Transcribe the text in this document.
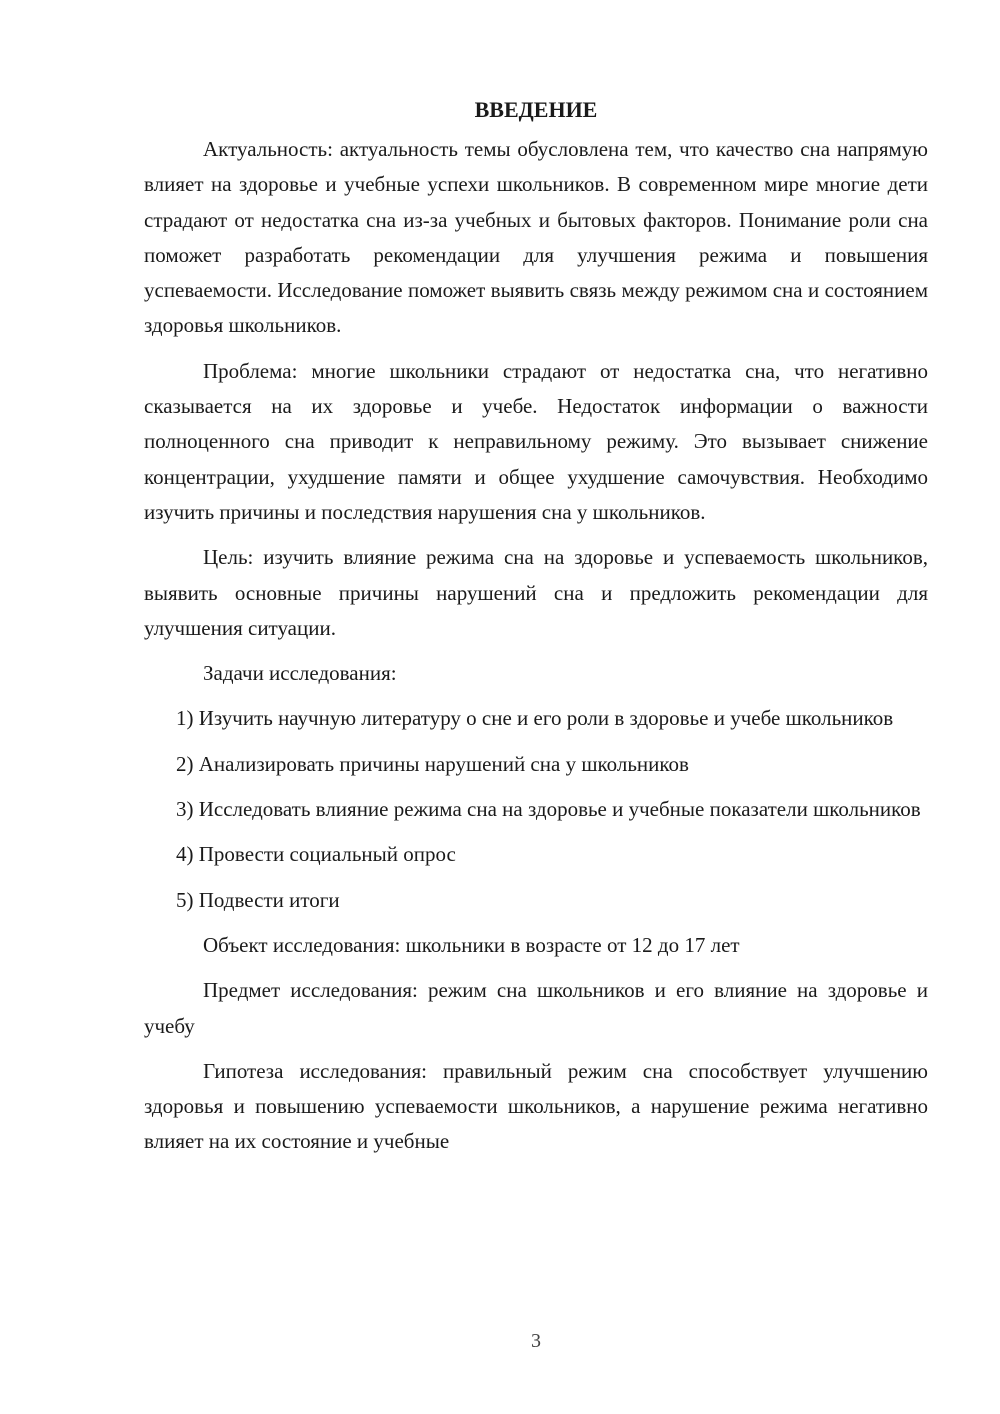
ВВЕДЕНИЕ

Актуальность: актуальность темы обусловлена тем, что качество сна напрямую влияет на здоровье и учебные успехи школьников. В современном мире многие дети страдают от недостатка сна из-за учебных и бытовых факторов. Понимание роли сна поможет разработать рекомендации для улучшения режима и повышения успеваемости. Исследование поможет выявить связь между режимом сна и состоянием здоровья школьников.

Проблема: многие школьники страдают от недостатка сна, что негативно сказывается на их здоровье и учебе. Недостаток информации о важности полноценного сна приводит к неправильному режиму. Это вызывает снижение концентрации, ухудшение памяти и общее ухудшение самочувствия. Необходимо изучить причины и последствия нарушения сна у школьников.

Цель: изучить влияние режима сна на здоровье и успеваемость школьников, выявить основные причины нарушений сна и предложить рекомендации для улучшения ситуации.

Задачи исследования:

1) Изучить научную литературу о сне и его роли в здоровье и учебе школьников

2) Анализировать причины нарушений сна у школьников

3) Исследовать влияние режима сна на здоровье и учебные показатели школьников

4) Провести социальный опрос

5) Подвести итоги

Объект исследования: школьники в возрасте от 12 до 17 лет

Предмет исследования: режим сна школьников и его влияние на здоровье и учебу

Гипотеза исследования: правильный режим сна способствует улучшению здоровья и повышению успеваемости школьников, а нарушение режима негативно влияет на их состояние и учебные

3
